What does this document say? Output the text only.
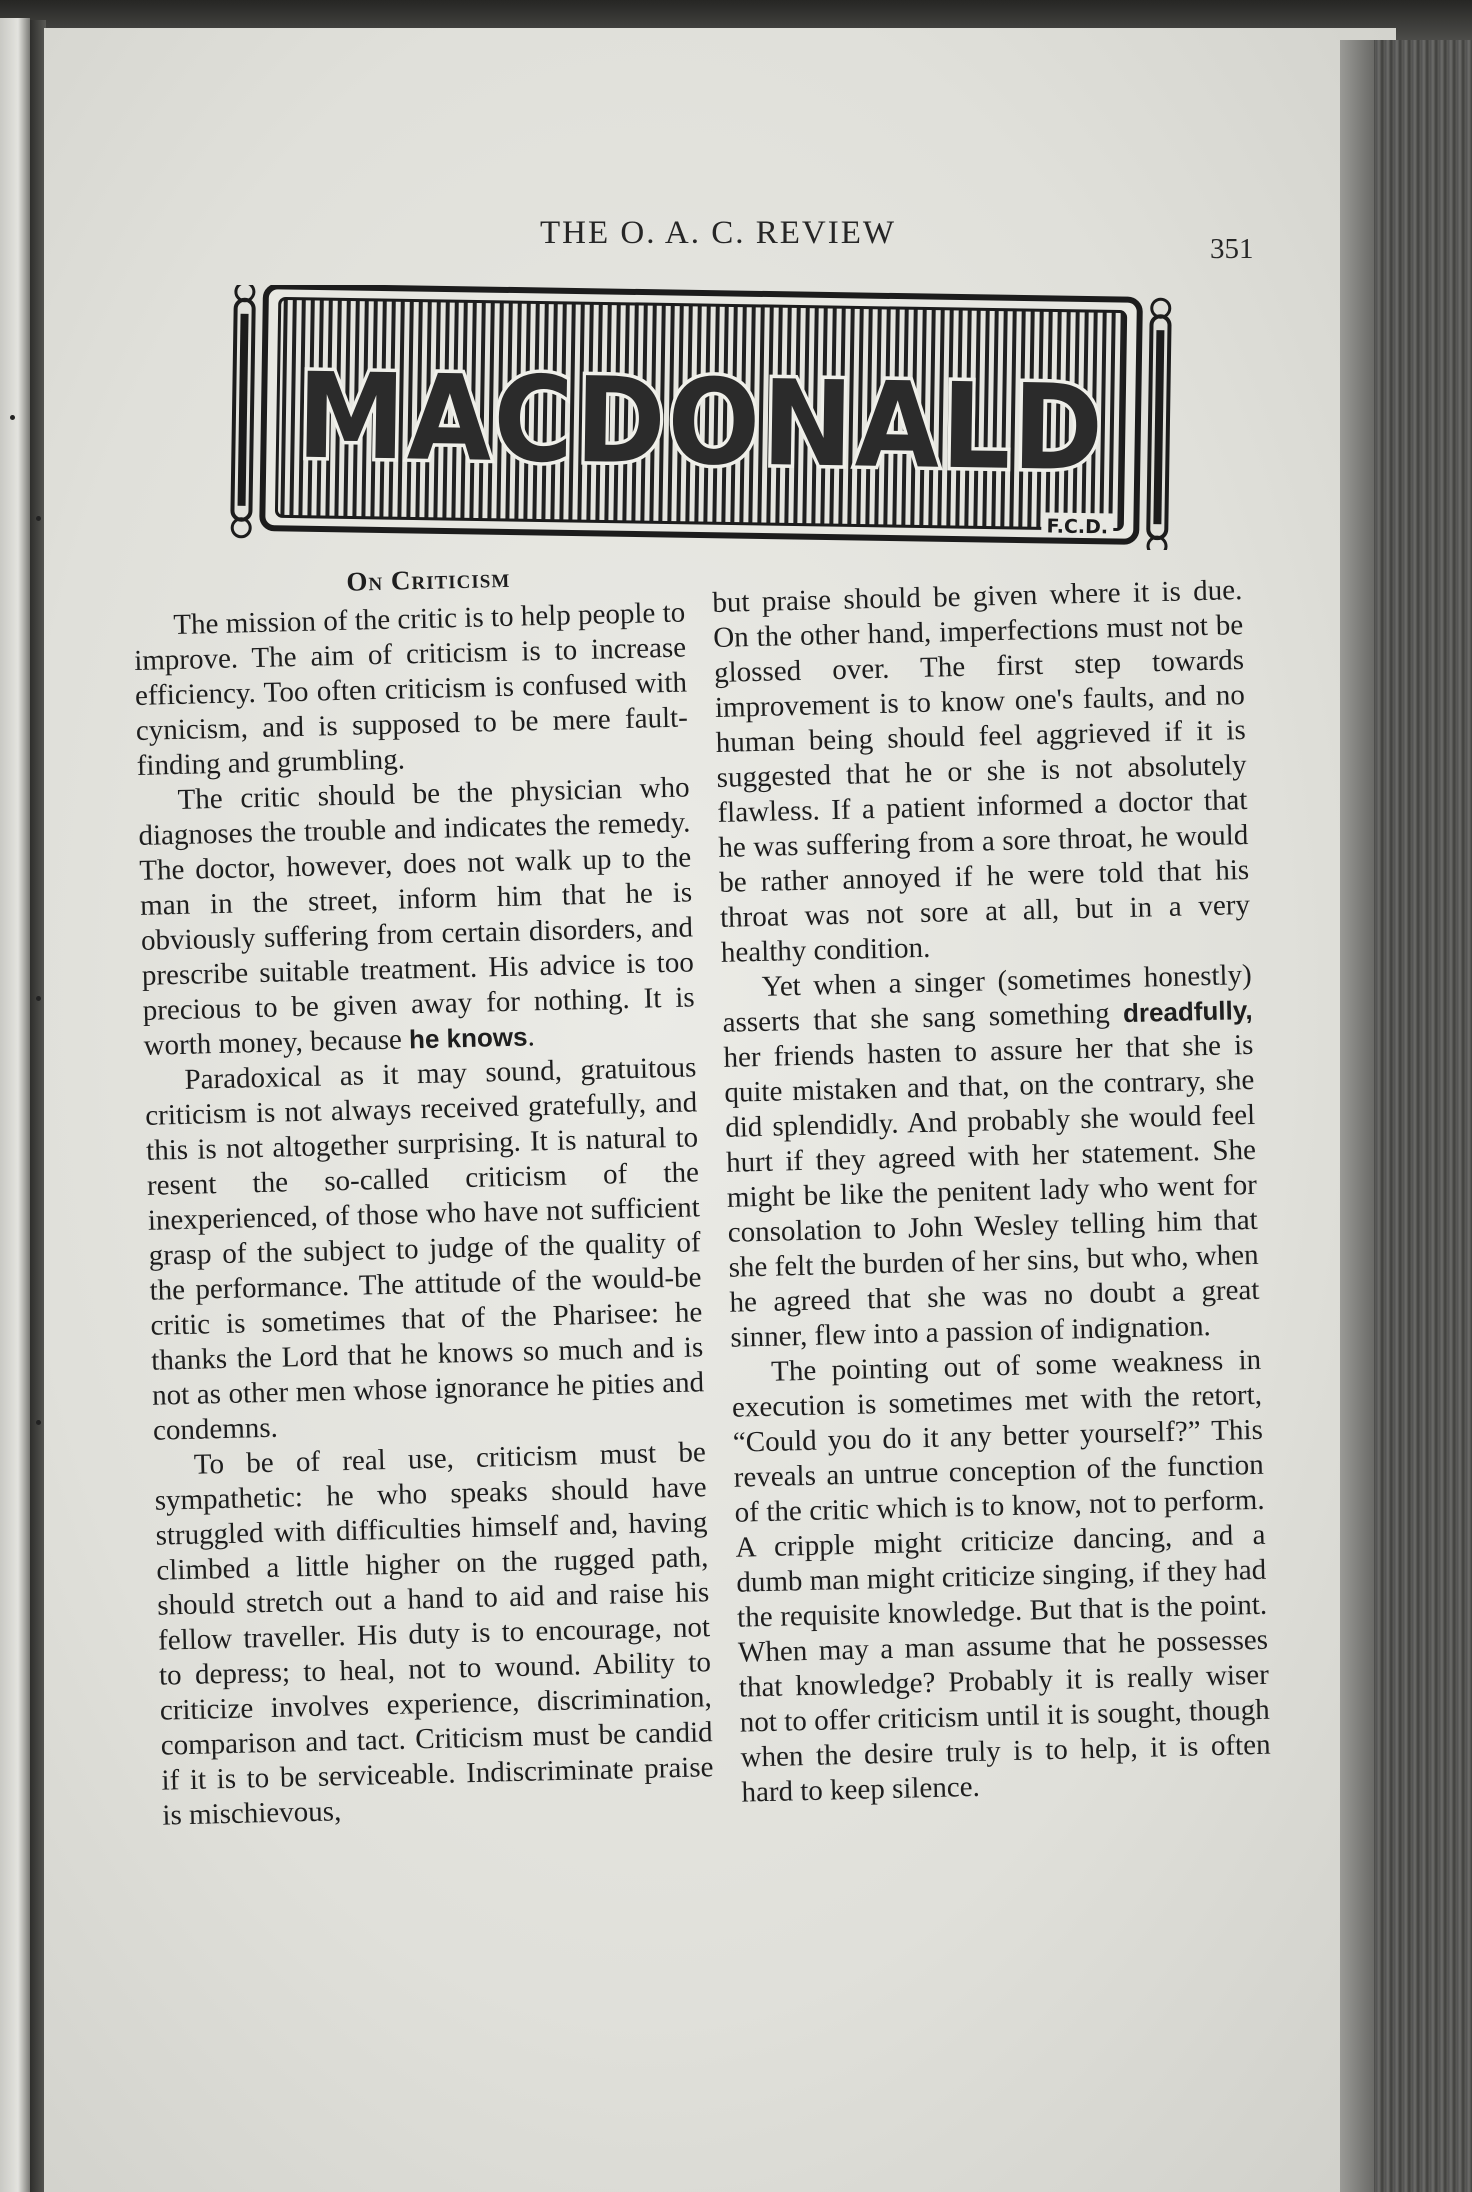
THE O. A. C. REVIEW	351
MACDONALD
F.C.D.
On Criticism

The mission of the critic is to help people to improve. The aim of criticism is to increase efficiency. Too often criticism is confused with cynicism, and is supposed to be mere fault-finding and grumbling.

The critic should be the physician who diagnoses the trouble and indicates the remedy. The doctor, however, does not walk up to the man in the street, inform him that he is obviously suffering from certain disorders, and prescribe suitable treatment. His advice is too precious to be given away for nothing. It is worth money, because he knows.

Paradoxical as it may sound, gratuitous criticism is not always received gratefully, and this is not altogether surprising. It is natural to resent the so-called criticism of the inexperienced, of those who have not sufficient grasp of the subject to judge of the quality of the performance. The attitude of the would-be critic is sometimes that of the Pharisee: he thanks the Lord that he knows so much and is not as other men whose ignorance he pities and condemns.

To be of real use, criticism must be sympathetic: he who speaks should have struggled with difficulties himself and, having climbed a little higher on the rugged path, should stretch out a hand to aid and raise his fellow traveller. His duty is to encourage, not to depress; to heal, not to wound. Ability to criticize involves experience, discrimination, comparison and tact. Criticism must be candid if it is to be serviceable. Indiscriminate praise is mischievous,

but praise should be given where it is due. On the other hand, imperfections must not be glossed over. The first step towards improvement is to know one's faults, and no human being should feel aggrieved if it is suggested that he or she is not absolutely flawless. If a patient informed a doctor that he was suffering from a sore throat, he would be rather annoyed if he were told that his throat was not sore at all, but in a very healthy condition.

Yet when a singer (sometimes honestly) asserts that she sang something dreadfully, her friends hasten to assure her that she is quite mistaken and that, on the contrary, she did splendidly. And probably she would feel hurt if they agreed with her statement. She might be like the penitent lady who went for consolation to John Wesley telling him that she felt the burden of her sins, but who, when he agreed that she was no doubt a great sinner, flew into a passion of indignation.

The pointing out of some weakness in execution is sometimes met with the retort, “Could you do it any better yourself?” This reveals an untrue conception of the function of the critic which is to know, not to perform. A cripple might criticize dancing, and a dumb man might criticize singing, if they had the requisite knowledge. But that is the point. When may a man assume that he possesses that knowledge? Probably it is really wiser not to offer criticism until it is sought, though when the desire truly is to help, it is often hard to keep silence.
